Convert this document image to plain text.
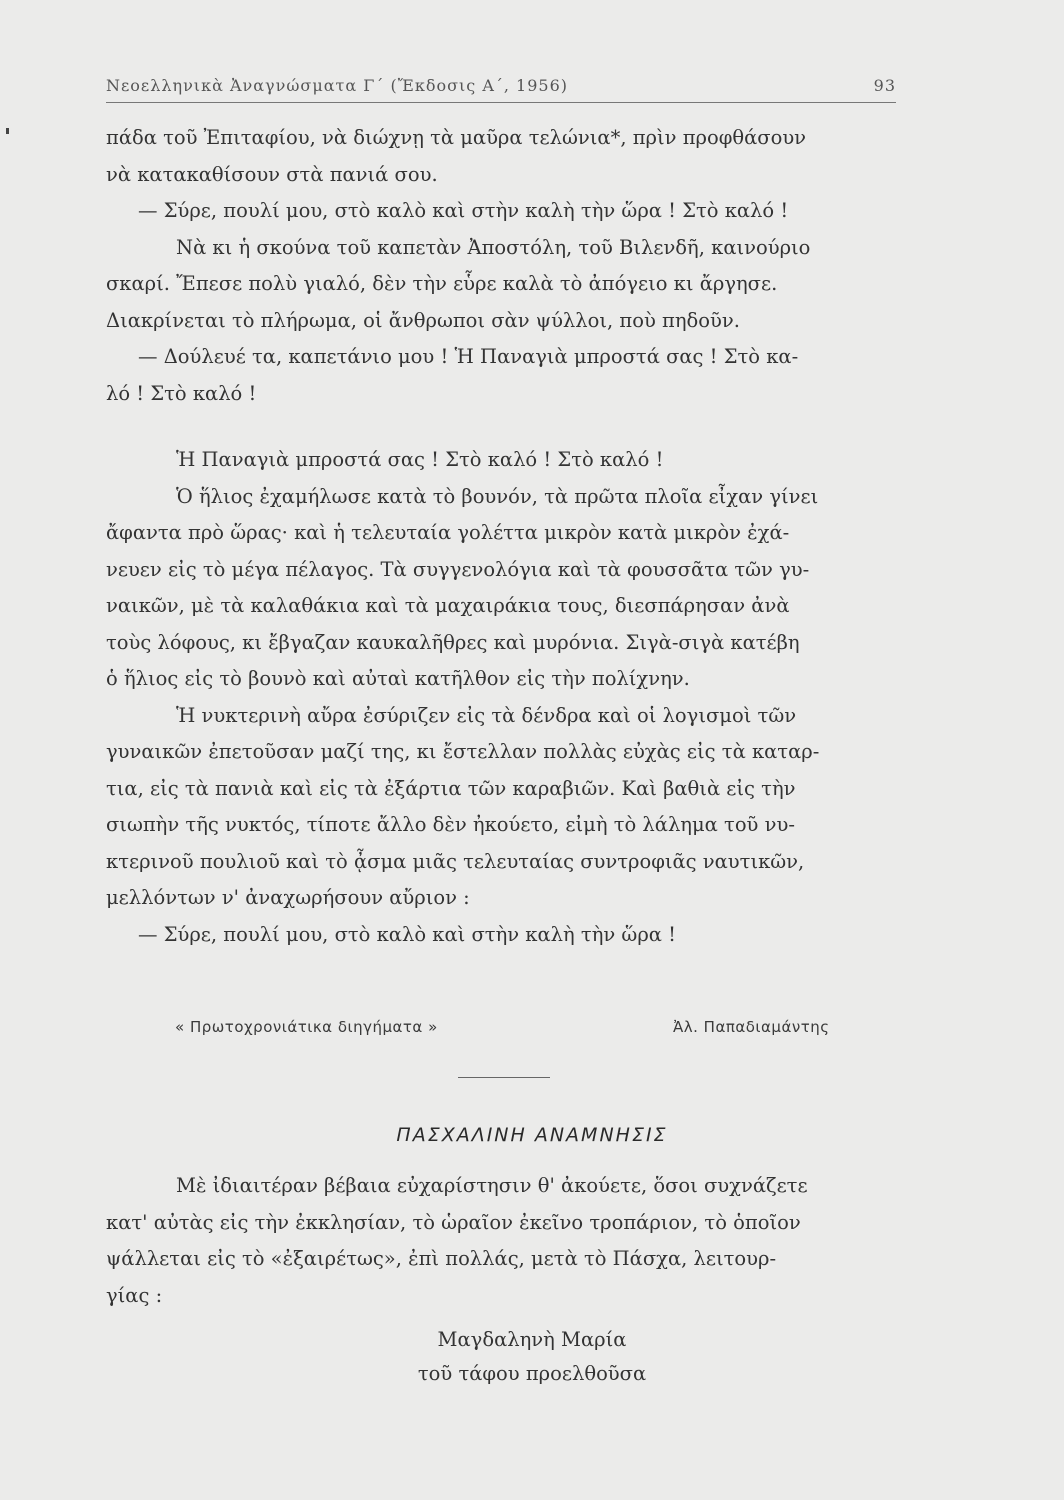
Νεοελληνικὰ Ἀναγνώσματα Γ΄ (Ἔκδοσις Α΄, 1956)	93
πάδα τοῦ Ἐπιταφίου, νὰ διώχνῃ τὰ μαῦρα τελώνια*, πρὶν προφθάσουν
νὰ κατακαθίσουν στὰ πανιά σου.
— Σύρε, πουλί μου, στὸ καλὸ καὶ στὴν καλὴ τὴν ὥρα ! Στὸ καλό !
Νὰ κι ἡ σκούνα τοῦ καπετὰν Ἀποστόλη, τοῦ Βιλενδῆ, καινούριο
σκαρί. Ἔπεσε πολὺ γιαλό, δὲν τὴν εὗρε καλὰ τὸ ἀπόγειο κι ἄργησε.
Διακρίνεται τὸ πλήρωμα, οἱ ἄνθρωποι σὰν ψύλλοι, ποὺ πηδοῦν.
— Δούλευέ τα, καπετάνιο μου ! Ἡ Παναγιὰ μπροστά σας ! Στὸ κα-
λό ! Στὸ καλό !
Ἡ Παναγιὰ μπροστά σας ! Στὸ καλό ! Στὸ καλό !
Ὁ ἥλιος ἐχαμήλωσε κατὰ τὸ βουνόν, τὰ πρῶτα πλοῖα εἶχαν γίνει
ἄφαντα πρὸ ὥρας· καὶ ἡ τελευταία γολέττα μικρὸν κατὰ μικρὸν ἐχά-
νευεν εἰς τὸ μέγα πέλαγος. Τὰ συγγενολόγια καὶ τὰ φουσσᾶτα τῶν γυ-
ναικῶν, μὲ τὰ καλαθάκια καὶ τὰ μαχαιράκια τους, διεσπάρησαν ἀνὰ
τοὺς λόφους, κι ἔβγαζαν καυκαλῆθρες καὶ μυρόνια. Σιγὰ-σιγὰ κατέβη
ὁ ἥλιος εἰς τὸ βουνὸ καὶ αὐταὶ κατῆλθον εἰς τὴν πολίχνην.
Ἡ νυκτερινὴ αὔρα ἐσύριζεν εἰς τὰ δένδρα καὶ οἱ λογισμοὶ τῶν
γυναικῶν ἐπετοῦσαν μαζί της, κι ἔστελλαν πολλὰς εὐχὰς εἰς τὰ καταρ-
τια, εἰς τὰ πανιὰ καὶ εἰς τὰ ἐξάρτια τῶν καραβιῶν. Καὶ βαθιὰ εἰς τὴν
σιωπὴν τῆς νυκτός, τίποτε ἄλλο δὲν ἠκούετο, εἰμὴ τὸ λάλημα τοῦ νυ-
κτερινοῦ πουλιοῦ καὶ τὸ ᾆσμα μιᾶς τελευταίας συντροφιᾶς ναυτικῶν,
μελλόντων ν' ἀναχωρήσουν αὔριον :
— Σύρε, πουλί μου, στὸ καλὸ καὶ στὴν καλὴ τὴν ὥρα !
« Πρωτοχρονιάτικα διηγήματα »	Ἀλ. Παπαδιαμάντης
ΠΑΣΧΑΛΙΝΗ ΑΝΑΜΝΗΣΙΣ
Μὲ ἰδιαιτέραν βέβαια εὐχαρίστησιν θ' ἀκούετε, ὅσοι συχνάζετε
κατ' αὐτὰς εἰς τὴν ἐκκλησίαν, τὸ ὡραῖον ἐκεῖνο τροπάριον, τὸ ὁποῖον
ψάλλεται εἰς τὸ «ἐξαιρέτως», ἐπὶ πολλάς, μετὰ τὸ Πάσχα, λειτουρ-
γίας :
Μαγδαληνὴ Μαρία
τοῦ τάφου προελθοῦσα
